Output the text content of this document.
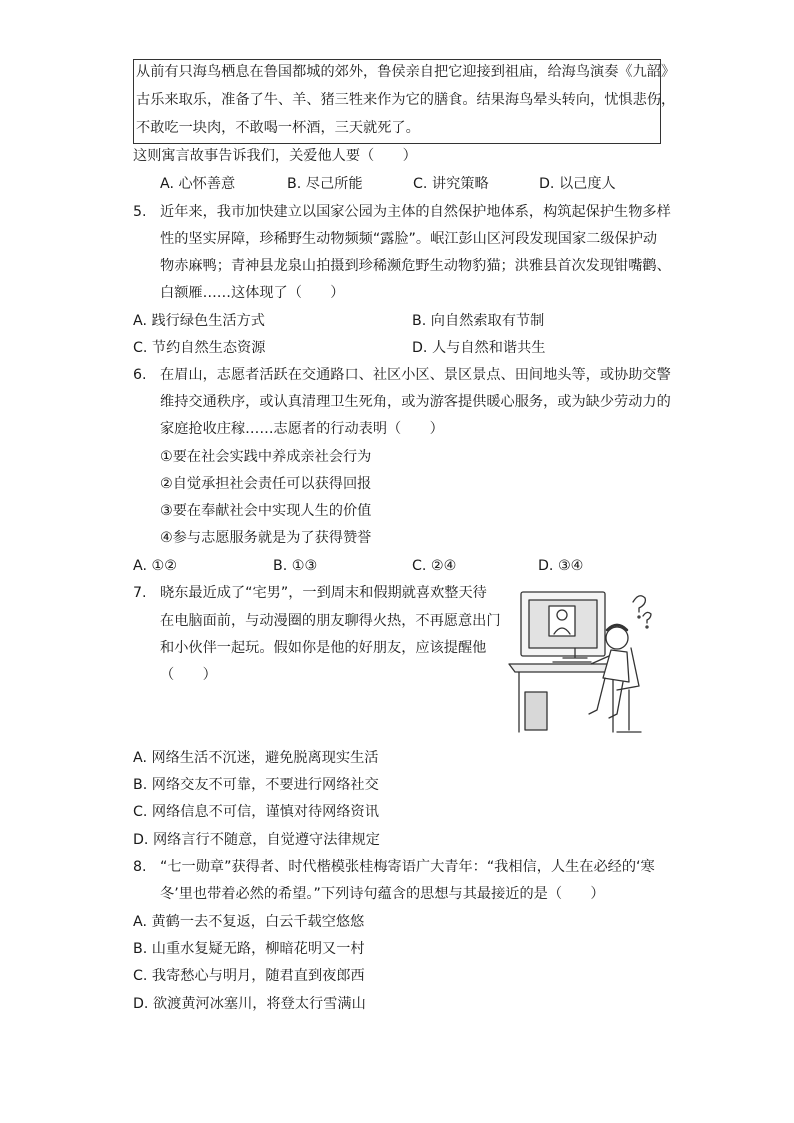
从前有只海鸟栖息在鲁国都城的郊外，鲁侯亲自把它迎接到祖庙，给海鸟演奏《九韶》
古乐来取乐，准备了牛、羊、猪三牲来作为它的膳食。结果海鸟晕头转向，忧惧悲伤，
不敢吃一块肉，不敢喝一杯酒，三天就死了。
这则寓言故事告诉我们，关爱他人要（　　）
A. 心怀善意	B. 尽己所能	C. 讲究策略	D. 以己度人
5. 近年来，我市加快建立以国家公园为主体的自然保护地体系，构筑起保护生物多样
性的坚实屏障，珍稀野生动物频频“露脸”。岷江彭山区河段发现国家二级保护动
物赤麻鸭；青神县龙泉山拍摄到珍稀濒危野生动物豹猫；洪雅县首次发现钳嘴鹳、
白额雁……这体现了（　　）
A. 践行绿色生活方式	B. 向自然索取有节制
C. 节约自然生态资源	D. 人与自然和谐共生
6. 在眉山，志愿者活跃在交通路口、社区小区、景区景点、田间地头等，或协助交警
维持交通秩序，或认真清理卫生死角，或为游客提供暖心服务，或为缺少劳动力的
家庭抢收庄稼……志愿者的行动表明（　　）
①要在社会实践中养成亲社会行为
②自觉承担社会责任可以获得回报
③要在奉献社会中实现人生的价值
④参与志愿服务就是为了获得赞誉
A. ①②	B. ①③	C. ②④	D. ③④
7. 晓东最近成了“宅男”，一到周末和假期就喜欢整天待
在电脑面前，与动漫圈的朋友聊得火热，不再愿意出门
和小伙伴一起玩。假如你是他的好朋友，应该提醒他
（　　）
A. 网络生活不沉迷，避免脱离现实生活
B. 网络交友不可靠，不要进行网络社交
C. 网络信息不可信，谨慎对待网络资讯
D. 网络言行不随意，自觉遵守法律规定
8. “七一勋章”获得者、时代楷模张桂梅寄语广大青年：“我相信，人生在必经的‘寒
冬’里也带着必然的希望。”下列诗句蕴含的思想与其最接近的是（　　）
A. 黄鹤一去不复返，白云千载空悠悠
B. 山重水复疑无路，柳暗花明又一村
C. 我寄愁心与明月，随君直到夜郎西
D. 欲渡黄河冰塞川，将登太行雪满山
